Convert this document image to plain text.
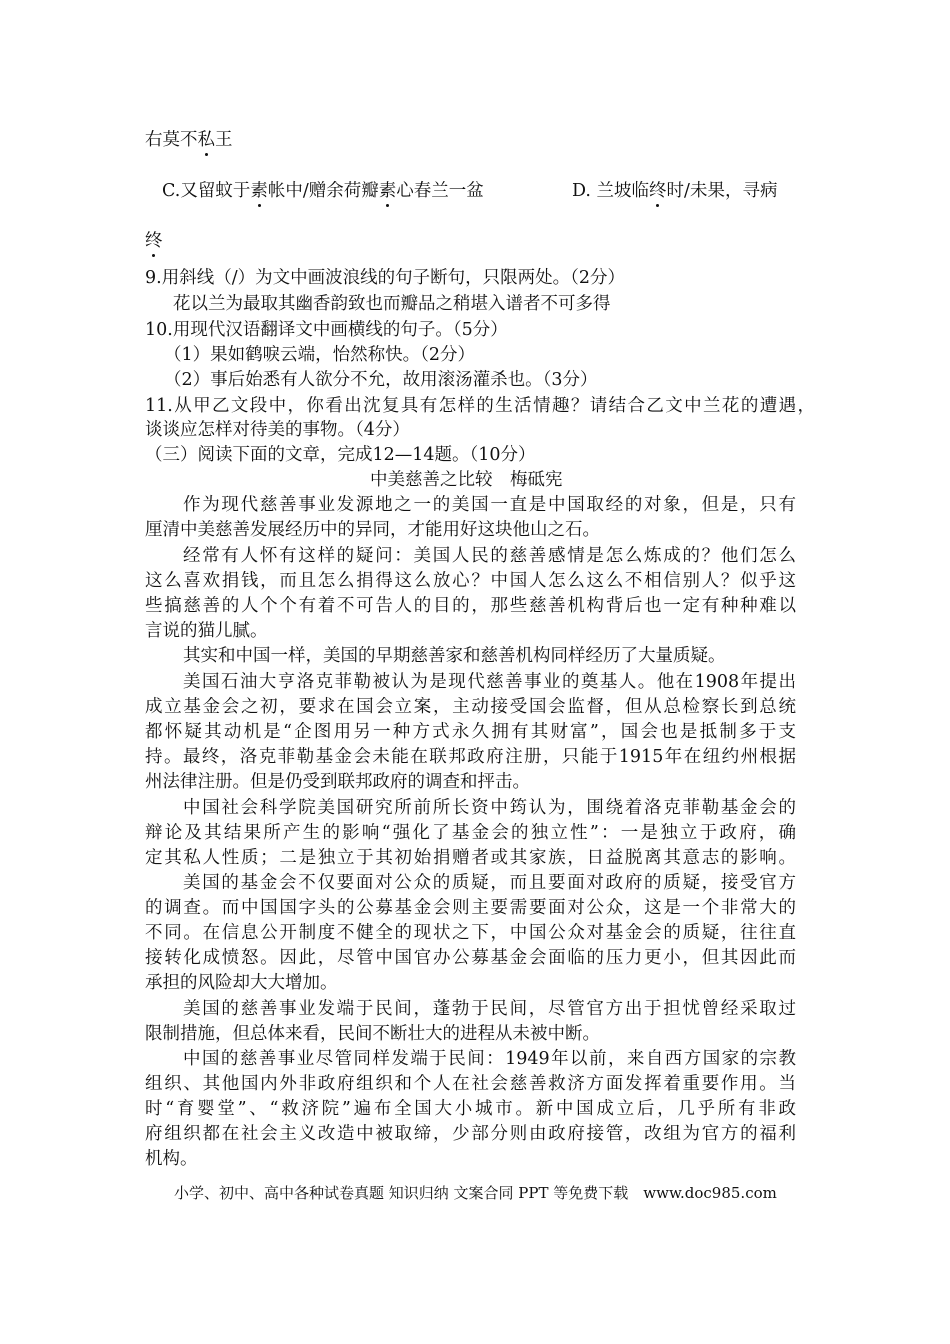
右莫不私王
C.又留蚊于素帐中/赠余荷瓣素心春兰一盆	D. 兰坡临终时/未果，寻病
终
9.用斜线（/）为文中画波浪线的句子断句，只限两处。（2分）
花以兰为最取其幽香韵致也而瓣品之稍堪入谱者不可多得
10.用现代汉语翻译文中画横线的句子。（5分）
（1）果如鹤唳云端，怡然称快。（2分）
（2）事后始悉有人欲分不允，故用滚汤灌杀也。（3分）
11.从甲乙文段中，你看出沈复具有怎样的生活情趣？请结合乙文中兰花的遭遇，
谈谈应怎样对待美的事物。（4分）
（三）阅读下面的文章，完成12—14题。（10分）
中美慈善之比较　梅砥宪
作为现代慈善事业发源地之一的美国一直是中国取经的对象，但是，只有
厘清中美慈善发展经历中的异同，才能用好这块他山之石。
经常有人怀有这样的疑问：美国人民的慈善感情是怎么炼成的？他们怎么
这么喜欢捐钱，而且怎么捐得这么放心？中国人怎么这么不相信别人？似乎这
些搞慈善的人个个有着不可告人的目的，那些慈善机构背后也一定有种种难以
言说的猫儿腻。
其实和中国一样，美国的早期慈善家和慈善机构同样经历了大量质疑。
美国石油大亨洛克菲勒被认为是现代慈善事业的奠基人。他在1908年提出
成立基金会之初，要求在国会立案，主动接受国会监督，但从总检察长到总统
都怀疑其动机是“企图用另一种方式永久拥有其财富”，国会也是抵制多于支
持。最终，洛克菲勒基金会未能在联邦政府注册，只能于1915年在纽约州根据
州法律注册。但是仍受到联邦政府的调查和抨击。
中国社会科学院美国研究所前所长资中筠认为，围绕着洛克菲勒基金会的
辩论及其结果所产生的影响“强化了基金会的独立性”：一是独立于政府，确
定其私人性质；二是独立于其初始捐赠者或其家族，日益脱离其意志的影响。
美国的基金会不仅要面对公众的质疑，而且要面对政府的质疑，接受官方
的调查。而中国国字头的公募基金会则主要需要面对公众，这是一个非常大的
不同。在信息公开制度不健全的现状之下，中国公众对基金会的质疑，往往直
接转化成愤怒。因此，尽管中国官办公募基金会面临的压力更小，但其因此而
承担的风险却大大增加。
美国的慈善事业发端于民间，蓬勃于民间，尽管官方出于担忧曾经采取过
限制措施，但总体来看，民间不断壮大的进程从未被中断。
中国的慈善事业尽管同样发端于民间：1949年以前，来自西方国家的宗教
组织、其他国内外非政府组织和个人在社会慈善救济方面发挥着重要作用。当
时“育婴堂”、“救济院”遍布全国大小城市。新中国成立后，几乎所有非政
府组织都在社会主义改造中被取缔，少部分则由政府接管，改组为官方的福利
机构。
小学、初中、高中各种试卷真题 知识归纳 文案合同 PPT 等免费下载　www.doc985.com
